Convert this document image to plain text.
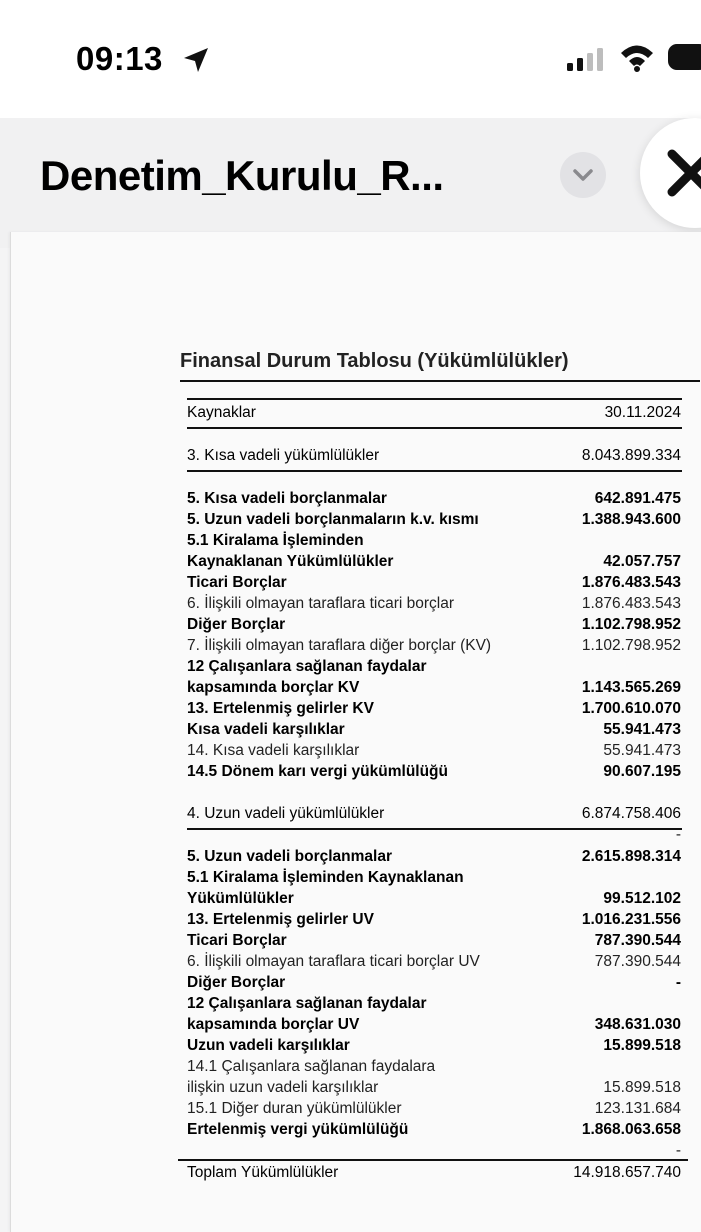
09:13
Denetim_Kurulu_R...
Finansal Durum Tablosu (Yükümlülükler)
Kaynaklar	30.11.2024
3. Kısa vadeli yükümlülükler	8.043.899.334
5. Kısa vadeli borçlanmalar	642.891.475
5. Uzun vadeli borçlanmaların k.v. kısmı	1.388.943.600
5.1 Kiralama İşleminden
Kaynaklanan Yükümlülükler	42.057.757
Ticari Borçlar	1.876.483.543
6. İlişkili olmayan taraflara ticari borçlar	1.876.483.543
Diğer Borçlar	1.102.798.952
7. İlişkili olmayan taraflara diğer borçlar (KV)	1.102.798.952
12 Çalışanlara sağlanan faydalar
kapsamında borçlar KV	1.143.565.269
13. Ertelenmiş gelirler KV	1.700.610.070
Kısa vadeli karşılıklar	55.941.473
14. Kısa vadeli karşılıklar	55.941.473
14.5 Dönem karı vergi yükümlülüğü	90.607.195
4. Uzun vadeli yükümlülükler	6.874.758.406
-
5. Uzun vadeli borçlanmalar	2.615.898.314
5.1 Kiralama İşleminden Kaynaklanan
Yükümlülükler	99.512.102
13. Ertelenmiş gelirler UV	1.016.231.556
Ticari Borçlar	787.390.544
6. İlişkili olmayan taraflara ticari borçlar UV	787.390.544
Diğer Borçlar	-
12 Çalışanlara sağlanan faydalar
kapsamında borçlar UV	348.631.030
Uzun vadeli karşılıklar	15.899.518
14.1 Çalışanlara sağlanan faydalara
ilişkin uzun vadeli karşılıklar	15.899.518
15.1 Diğer duran yükümlülükler	123.131.684
Ertelenmiş vergi yükümlülüğü	1.868.063.658
-
Toplam Yükümlülükler	14.918.657.740
